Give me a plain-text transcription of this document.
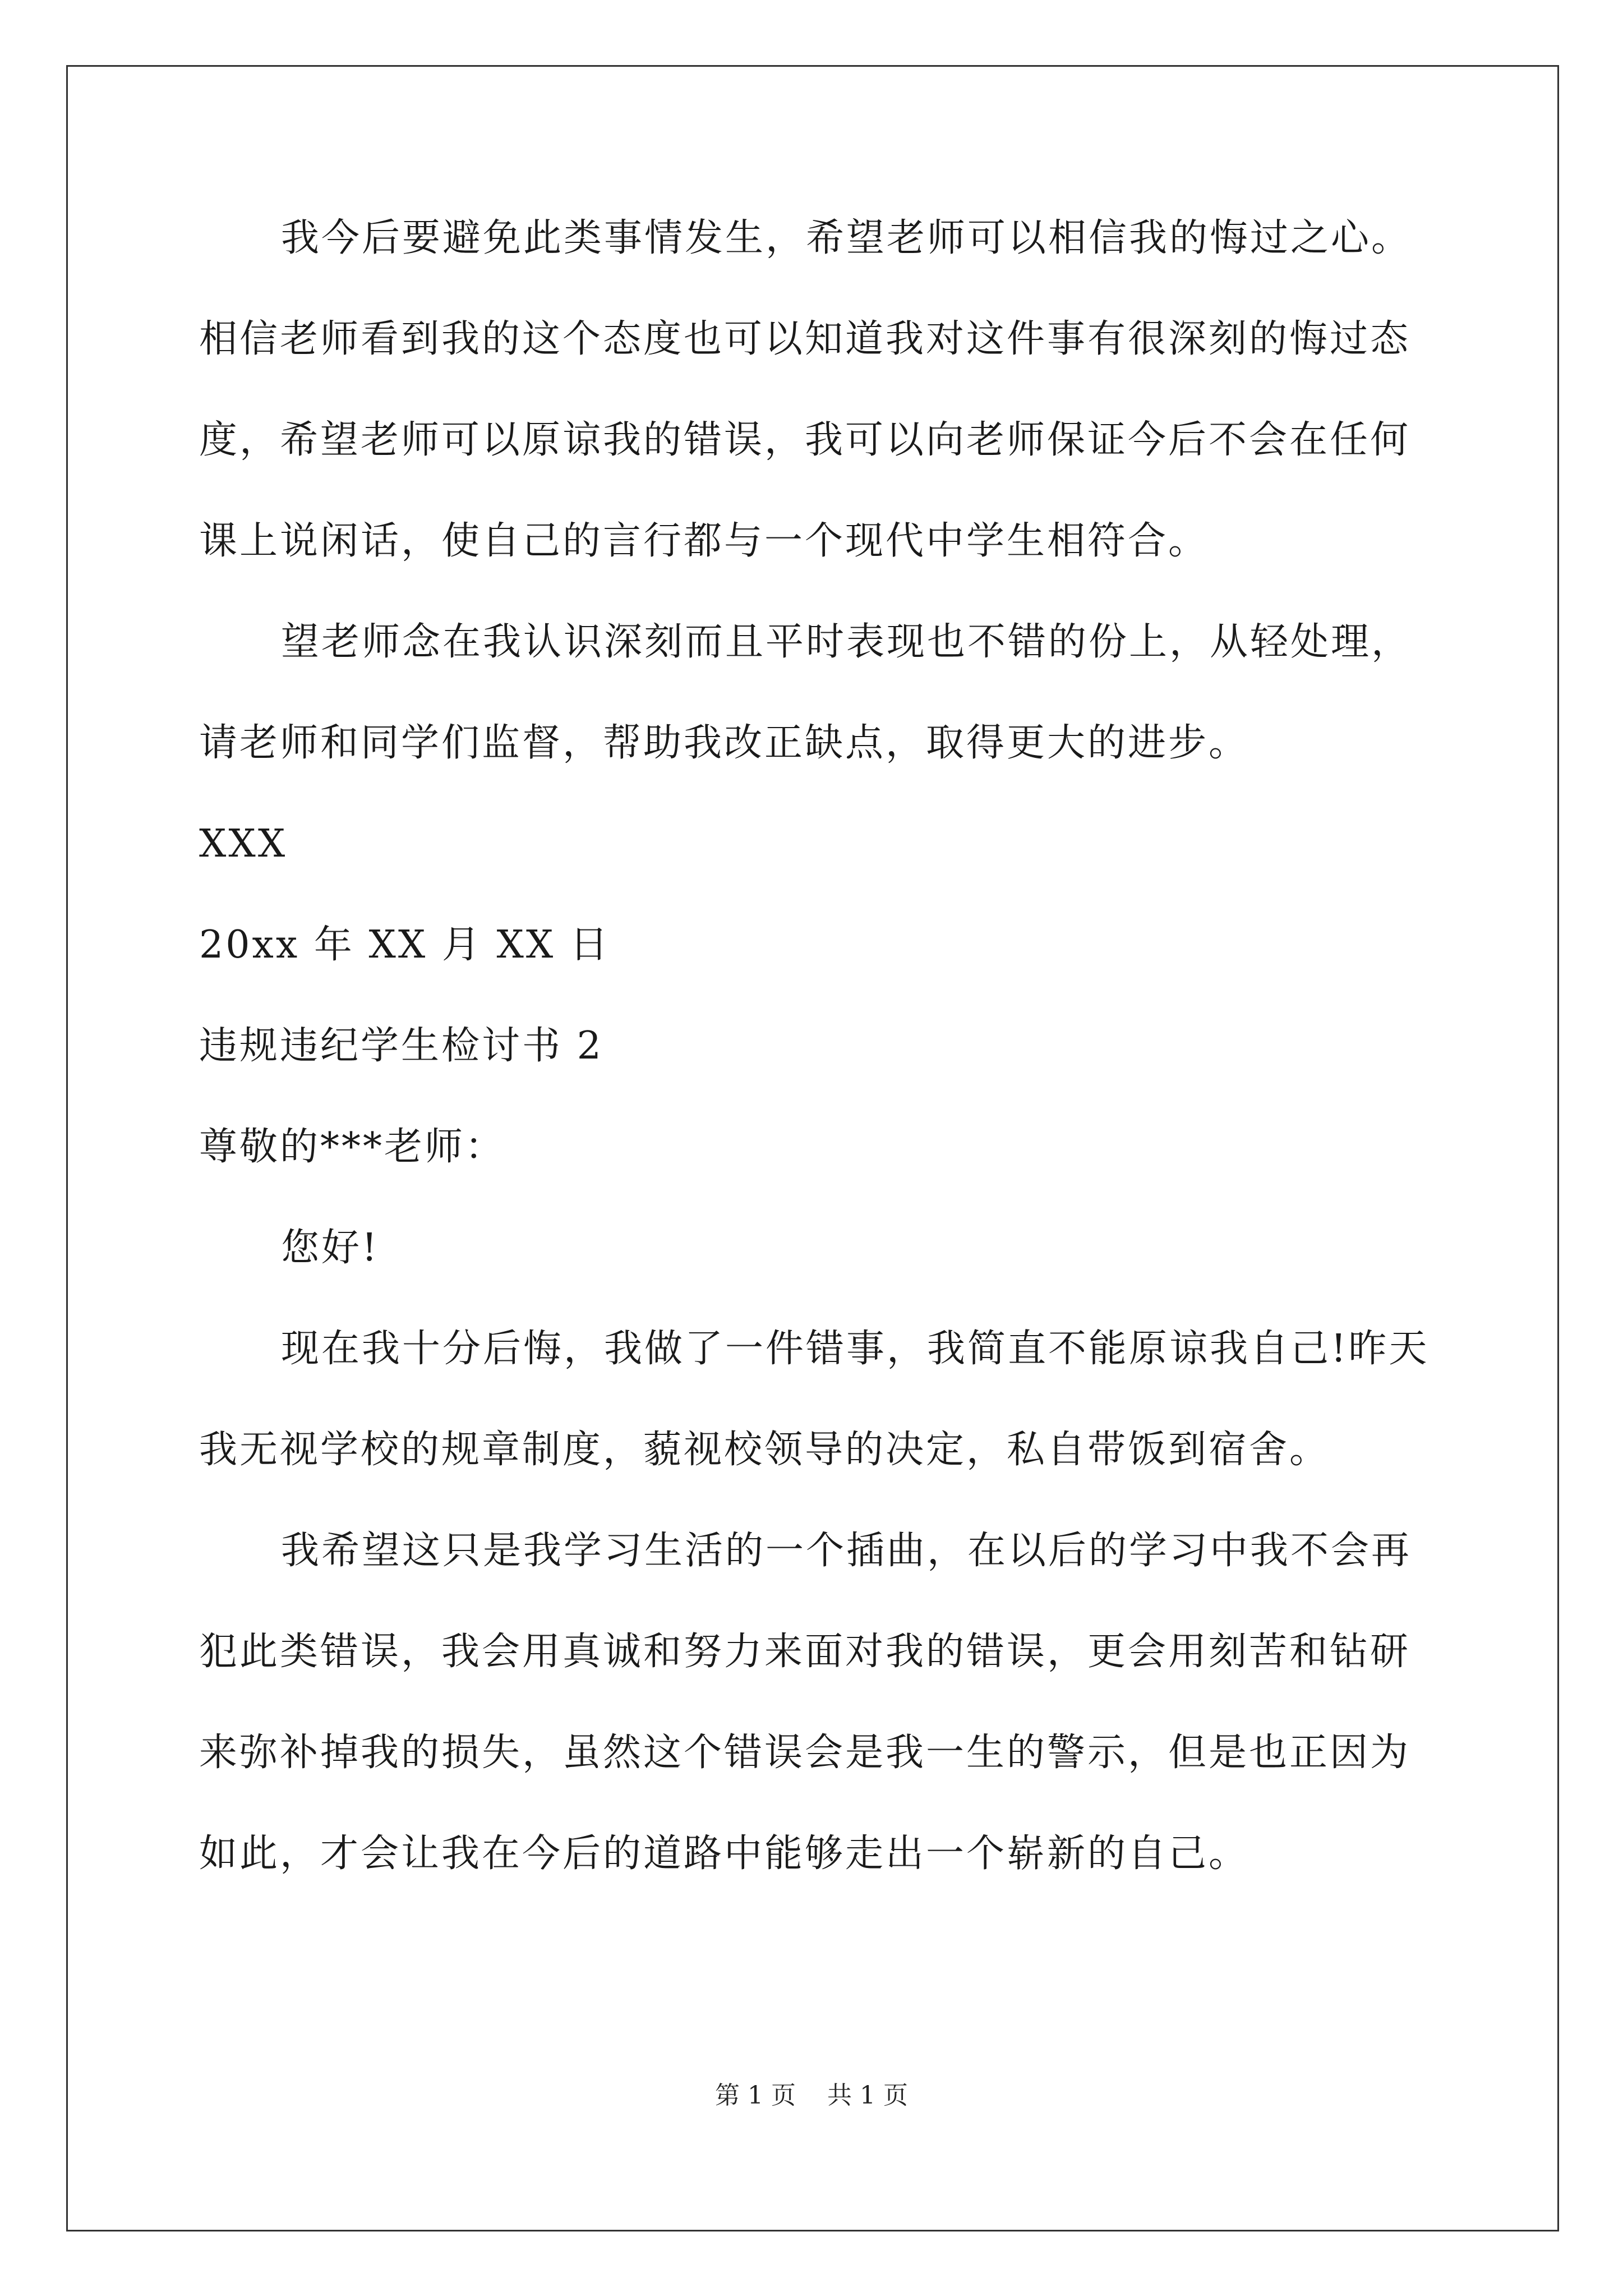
我今后要避免此类事情发生，希望老师可以相信我的悔过之心。
相信老师看到我的这个态度也可以知道我对这件事有很深刻的悔过态
度，希望老师可以原谅我的错误，我可以向老师保证今后不会在任何
课上说闲话，使自己的言行都与一个现代中学生相符合。
望老师念在我认识深刻而且平时表现也不错的份上，从轻处理，
请老师和同学们监督，帮助我改正缺点，取得更大的进步。
XXX
20xx 年 XX 月 XX 日
违规违纪学生检讨书 2
尊敬的***老师：
您好!
现在我十分后悔，我做了一件错事，我简直不能原谅我自己!昨天
我无视学校的规章制度，藐视校领导的决定，私自带饭到宿舍。
我希望这只是我学习生活的一个插曲，在以后的学习中我不会再
犯此类错误，我会用真诚和努力来面对我的错误，更会用刻苦和钻研
来弥补掉我的损失，虽然这个错误会是我一生的警示，但是也正因为
如此，才会让我在今后的道路中能够走出一个崭新的自己。
第 1 页 共 1 页
